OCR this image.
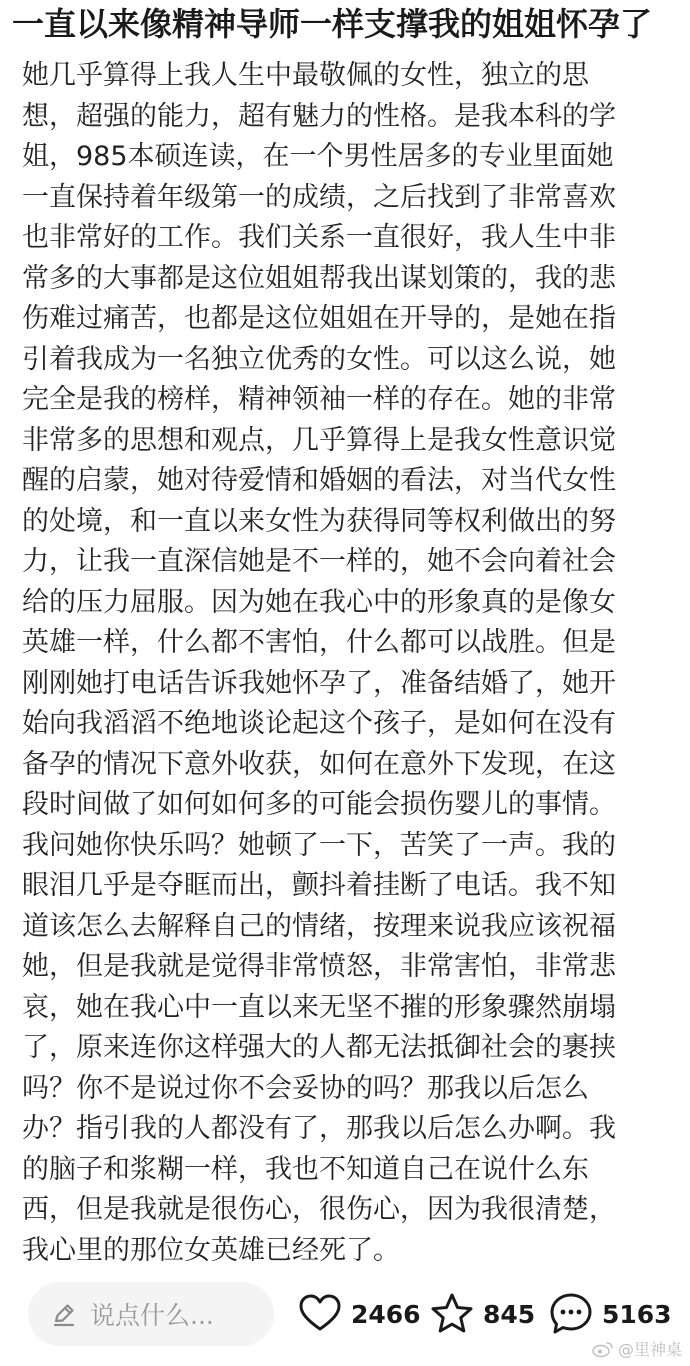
一直以来像精神导师一样支撑我的姐姐怀孕了
她几乎算得上我人生中最敬佩的女性，独立的思
想，超强的能力，超有魅力的性格。是我本科的学
姐，985本硕连读，在一个男性居多的专业里面她
一直保持着年级第一的成绩，之后找到了非常喜欢
也非常好的工作。我们关系一直很好，我人生中非
常多的大事都是这位姐姐帮我出谋划策的，我的悲
伤难过痛苦，也都是这位姐姐在开导的，是她在指
引着我成为一名独立优秀的女性。可以这么说，她
完全是我的榜样，精神领袖一样的存在。她的非常
非常多的思想和观点，几乎算得上是我女性意识觉
醒的启蒙，她对待爱情和婚姻的看法，对当代女性
的处境，和一直以来女性为获得同等权利做出的努
力，让我一直深信她是不一样的，她不会向着社会
给的压力屈服。因为她在我心中的形象真的是像女
英雄一样，什么都不害怕，什么都可以战胜。但是
刚刚她打电话告诉我她怀孕了，准备结婚了，她开
始向我滔滔不绝地谈论起这个孩子，是如何在没有
备孕的情况下意外收获，如何在意外下发现，在这
段时间做了如何如何多的可能会损伤婴儿的事情。
我问她你快乐吗？她顿了一下，苦笑了一声。我的
眼泪几乎是夺眶而出，颤抖着挂断了电话。我不知
道该怎么去解释自己的情绪，按理来说我应该祝福
她，但是我就是觉得非常愤怒，非常害怕，非常悲
哀，她在我心中一直以来无坚不摧的形象骤然崩塌
了，原来连你这样强大的人都无法抵御社会的裹挟
吗？你不是说过你不会妥协的吗？那我以后怎么
办？指引我的人都没有了，那我以后怎么办啊。我
的脑子和浆糊一样，我也不知道自己在说什么东
西，但是我就是很伤心，很伤心，因为我很清楚，
我心里的那位女英雄已经死了。
说点什么...	2466 845	5163
@里神桌
